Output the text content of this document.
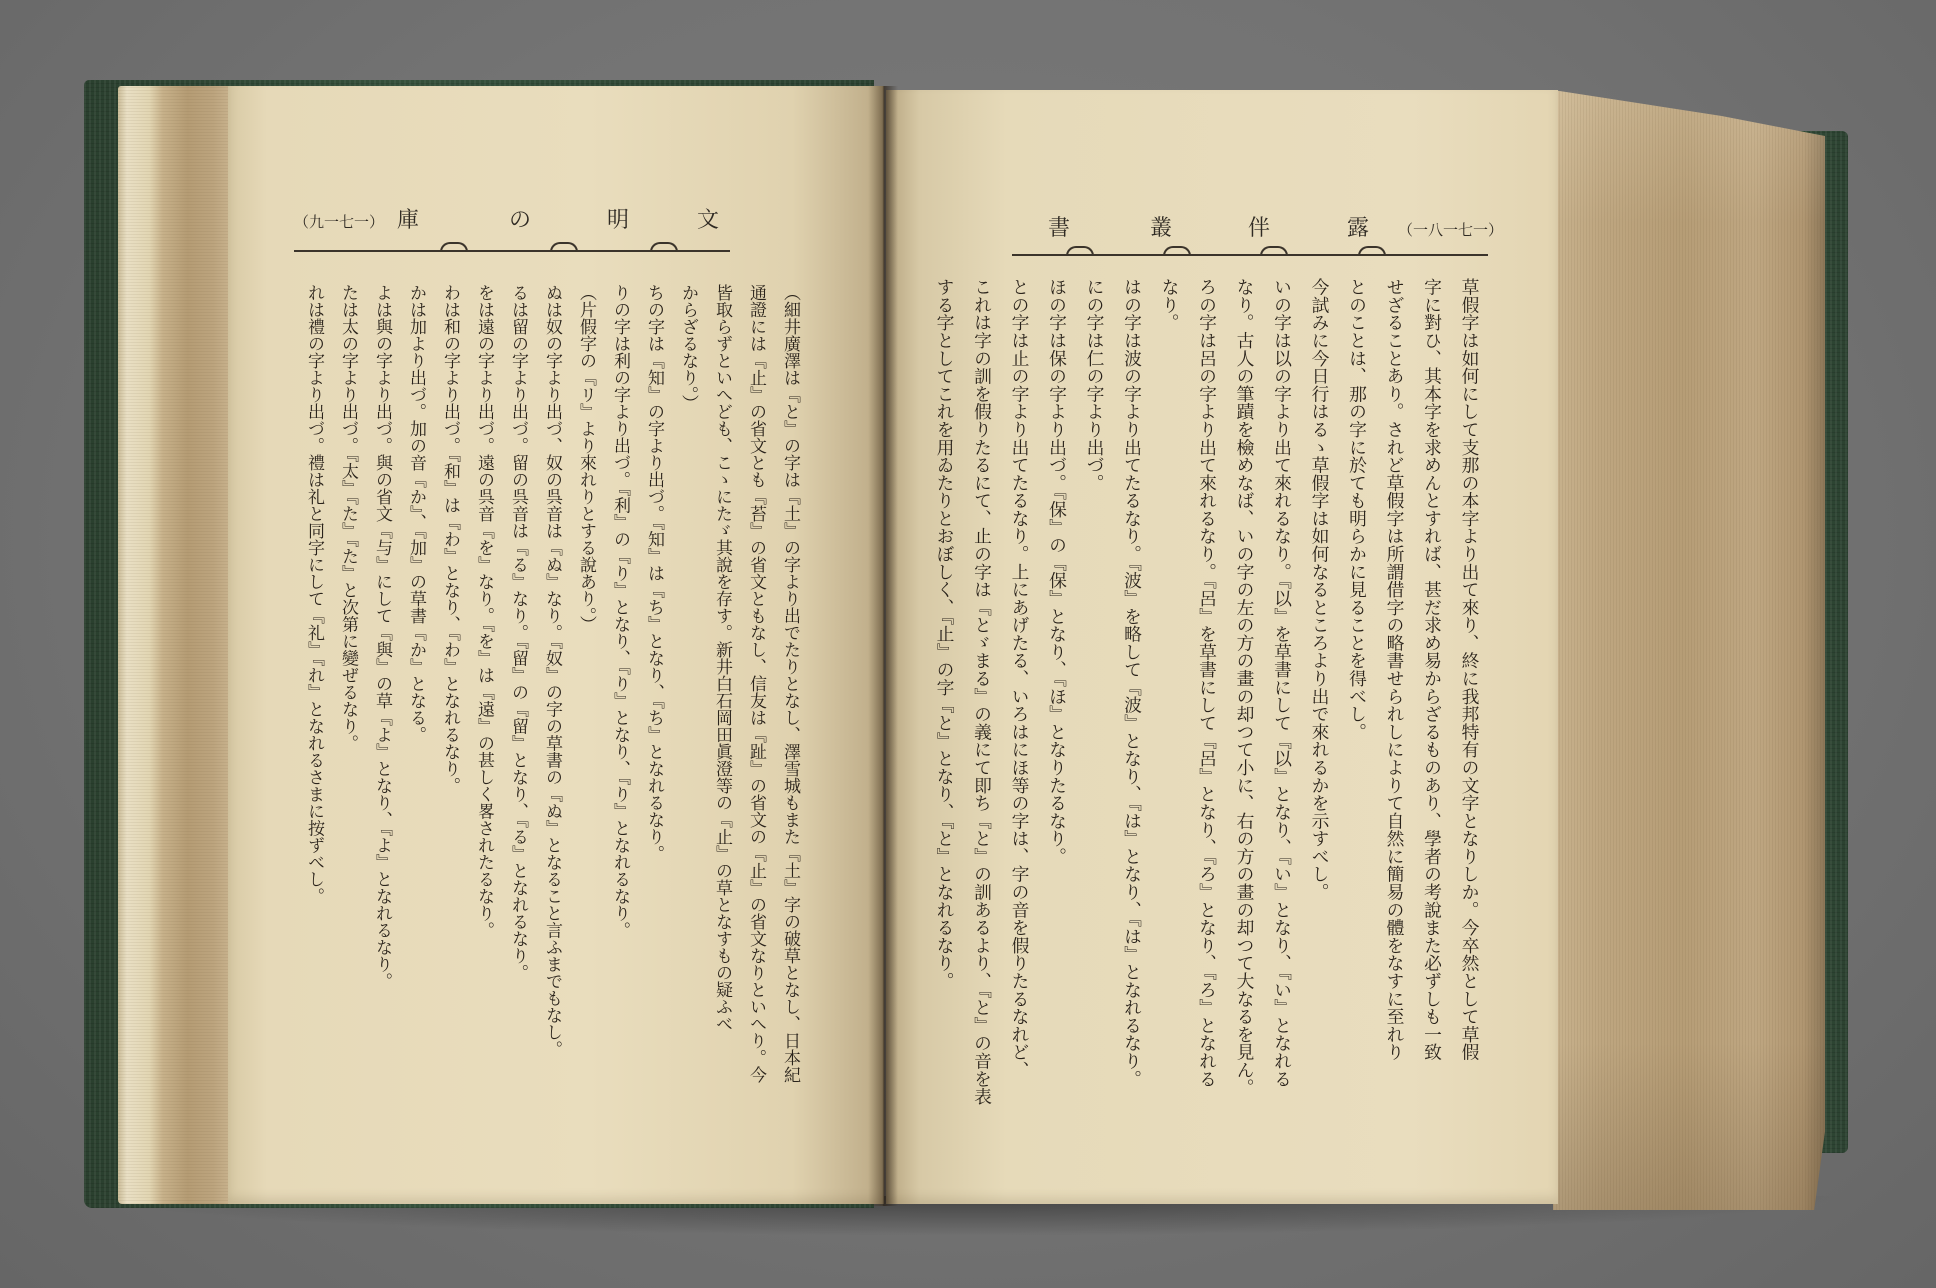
（九一七一） 庫	の	明	文	書	叢	伴	露 （一八一七一）
草假字は如何にして支那の本字より出て來り、終に我邦特有の文字となりしか。今卒然として草假
字に對ひ、其本字を求めんとすれば、甚だ求め易からざるものあり、學者の考說また必ずしも一致
せざることあり。されど草假字は所謂借字の略書せられしによりて自然に簡易の體をなすに至れり
とのことは、那の字に於ても明らかに見ることを得べし。
今試みに今日行はるゝ草假字は如何なるところより出で來れるかを示すべし。
いの字は以の字より出て來れるなり。『以』を草書にして『以』となり、『い』となり、『い』となれる
なり。古人の筆蹟を檢めなば、いの字の左の方の畫の却つて小に、右の方の畫の却つて大なるを見ん。
ろの字は呂の字より出て來れるなり。『呂』を草書にして『呂』となり、『ろ』となり、『ろ』となれる
なり。
はの字は波の字より出てたるなり。『波』を略して『波』となり、『は』となり、『は』となれるなり。
にの字は仁の字より出づ。
ほの字は保の字より出づ。『保』の『保』となり、『ほ』となりたるなり。
との字は止の字より出てたるなり。上にあげたる、いろはにほ等の字は、字の音を假りたるなれど、
これは字の訓を假りたるにて、止の字は『とゞまる』の義にて即ち『と』の訓あるより、『と』の音を表
する字としてこれを用ゐたりとおぼしく、『止』の字『と』となり、『と』となれるなり。
（細井廣澤は『と』の字は『土』の字より出でたりとなし、澤雪城もまた『土』字の破草となし、日本紀
通證には『止』の省文とも『苔』の省文ともなし、信友は『趾』の省文の『止』の省文なりといへり。今
皆取らずといへども、こゝにたゞ其說を存す。新井白石岡田眞澄等の『止』の草となすもの疑ふべ
からざるなり。）
ちの字は『知』の字より出づ。『知』は『ち』となり、『ち』となれるなり。
りの字は利の字より出づ。『利』の『り』となり、『り』となり、『り』となれるなり。
（片假字の『リ』より來れりとする說あり。）
ぬは奴の字より出づ、奴の呉音は『ぬ』なり。『奴』の字の草書の『ぬ』となること言ふまでもなし。
るは留の字より出づ。留の呉音は『る』なり。『留』の『留』となり、『る』となれるなり。
をは遠の字より出づ。遠の呉音『を』なり。『を』は『遠』の甚しく畧されたるなり。
わは和の字より出づ。『和』は『わ』となり、『わ』となれるなり。
かは加より出づ。加の音『か』、『加』の草書『か』となる。
よは與の字より出づ。與の省文『与』にして『與』の草『よ』となり、『よ』となれるなり。
たは太の字より出づ。『太』『た』『た』と次第に變ぜるなり。
れは禮の字より出づ。禮は礼と同字にして『礼』『れ』となれるさまに按ずべし。
